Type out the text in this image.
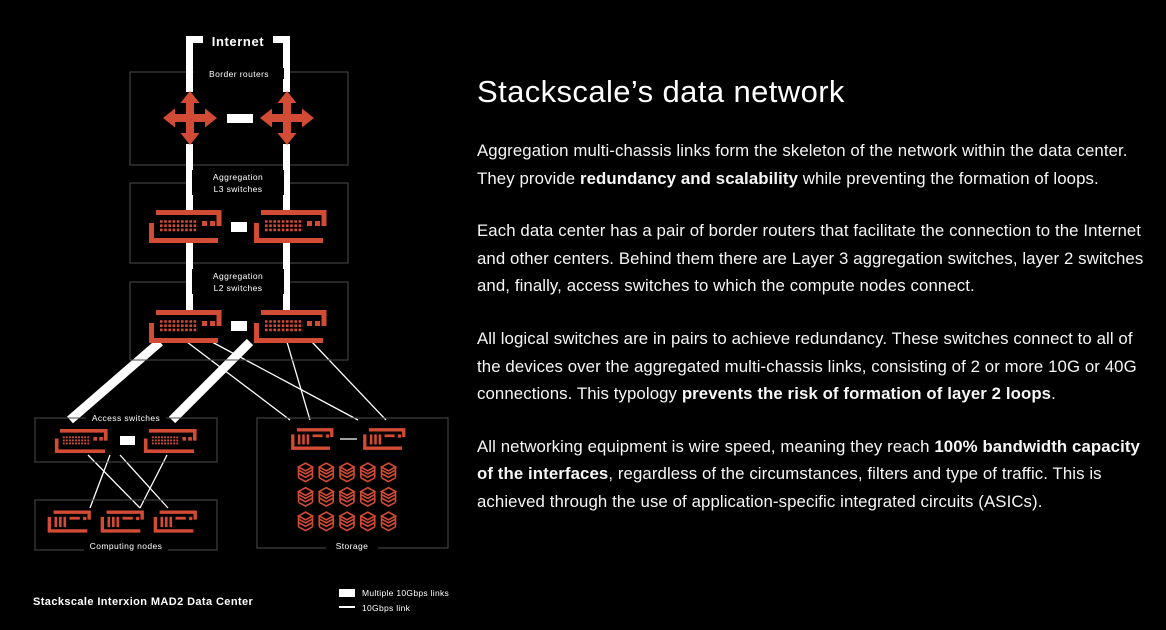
Internet
Border routers
Aggregation
L3 switches
Aggregation
L2 switches
Access switches
Computing nodes	Storage
Stackscale Interxion MAD2 Data Center
Multiple 10Gbps links
10Gbps link
Stackscale’s data network

Aggregation multi-chassis links form the skeleton of the network within the data center. They provide redundancy and scalability while preventing the formation of loops.

Each data center has a pair of border routers that facilitate the connection to the Internet and other centers. Behind them there are Layer 3 aggregation switches, layer 2 switches and, finally, access switches to which the compute nodes connect.

All logical switches are in pairs to achieve redundancy. These switches connect to all of the devices over the aggregated multi-chassis links, consisting of 2 or more 10G or 40G connections. This typology prevents the risk of formation of layer 2 loops.

All networking equipment is wire speed, meaning they reach 100% bandwidth capacity of the interfaces, regardless of the circumstances, filters and type of traffic. This is achieved through the use of application-specific integrated circuits (ASICs).
